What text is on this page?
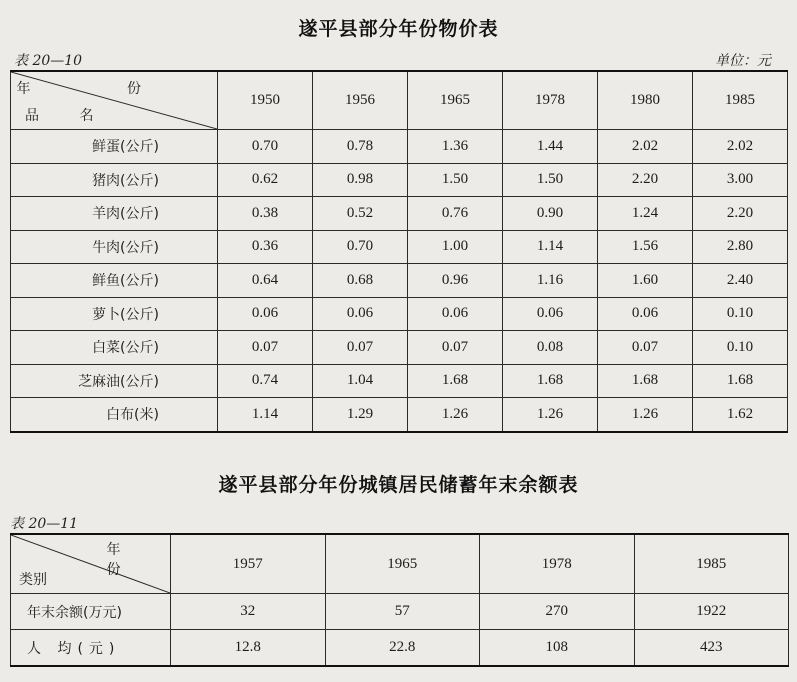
遂平县部分年份物价表
表 20—10	单位：元
年 份
品 名	1950	1956	1965	1978	1980	1985
鲜蛋(公斤)	0.70	0.78	1.36	1.44	2.02	2.02
猪肉(公斤)	0.62	0.98	1.50	1.50	2.20	3.00
羊肉(公斤)	0.38	0.52	0.76	0.90	1.24	2.20
牛肉(公斤)	0.36	0.70	1.00	1.14	1.56	2.80
鲜鱼(公斤)	0.64	0.68	0.96	1.16	1.60	2.40
萝卜(公斤)	0.06	0.06	0.06	0.06	0.06	0.10
白菜(公斤)	0.07	0.07	0.07	0.08	0.07	0.10
芝麻油(公斤)	0.74	1.04	1.68	1.68	1.68	1.68
白布(米)	1.14	1.29	1.26	1.26	1.26	1.62
遂平县部分年份城镇居民储蓄年末余额表
表 20—11
年 份
类别	1957	1965	1978	1985
年末余额(万元)	32	57	270	1922
人 均(元)	12.8	22.8	108	423
